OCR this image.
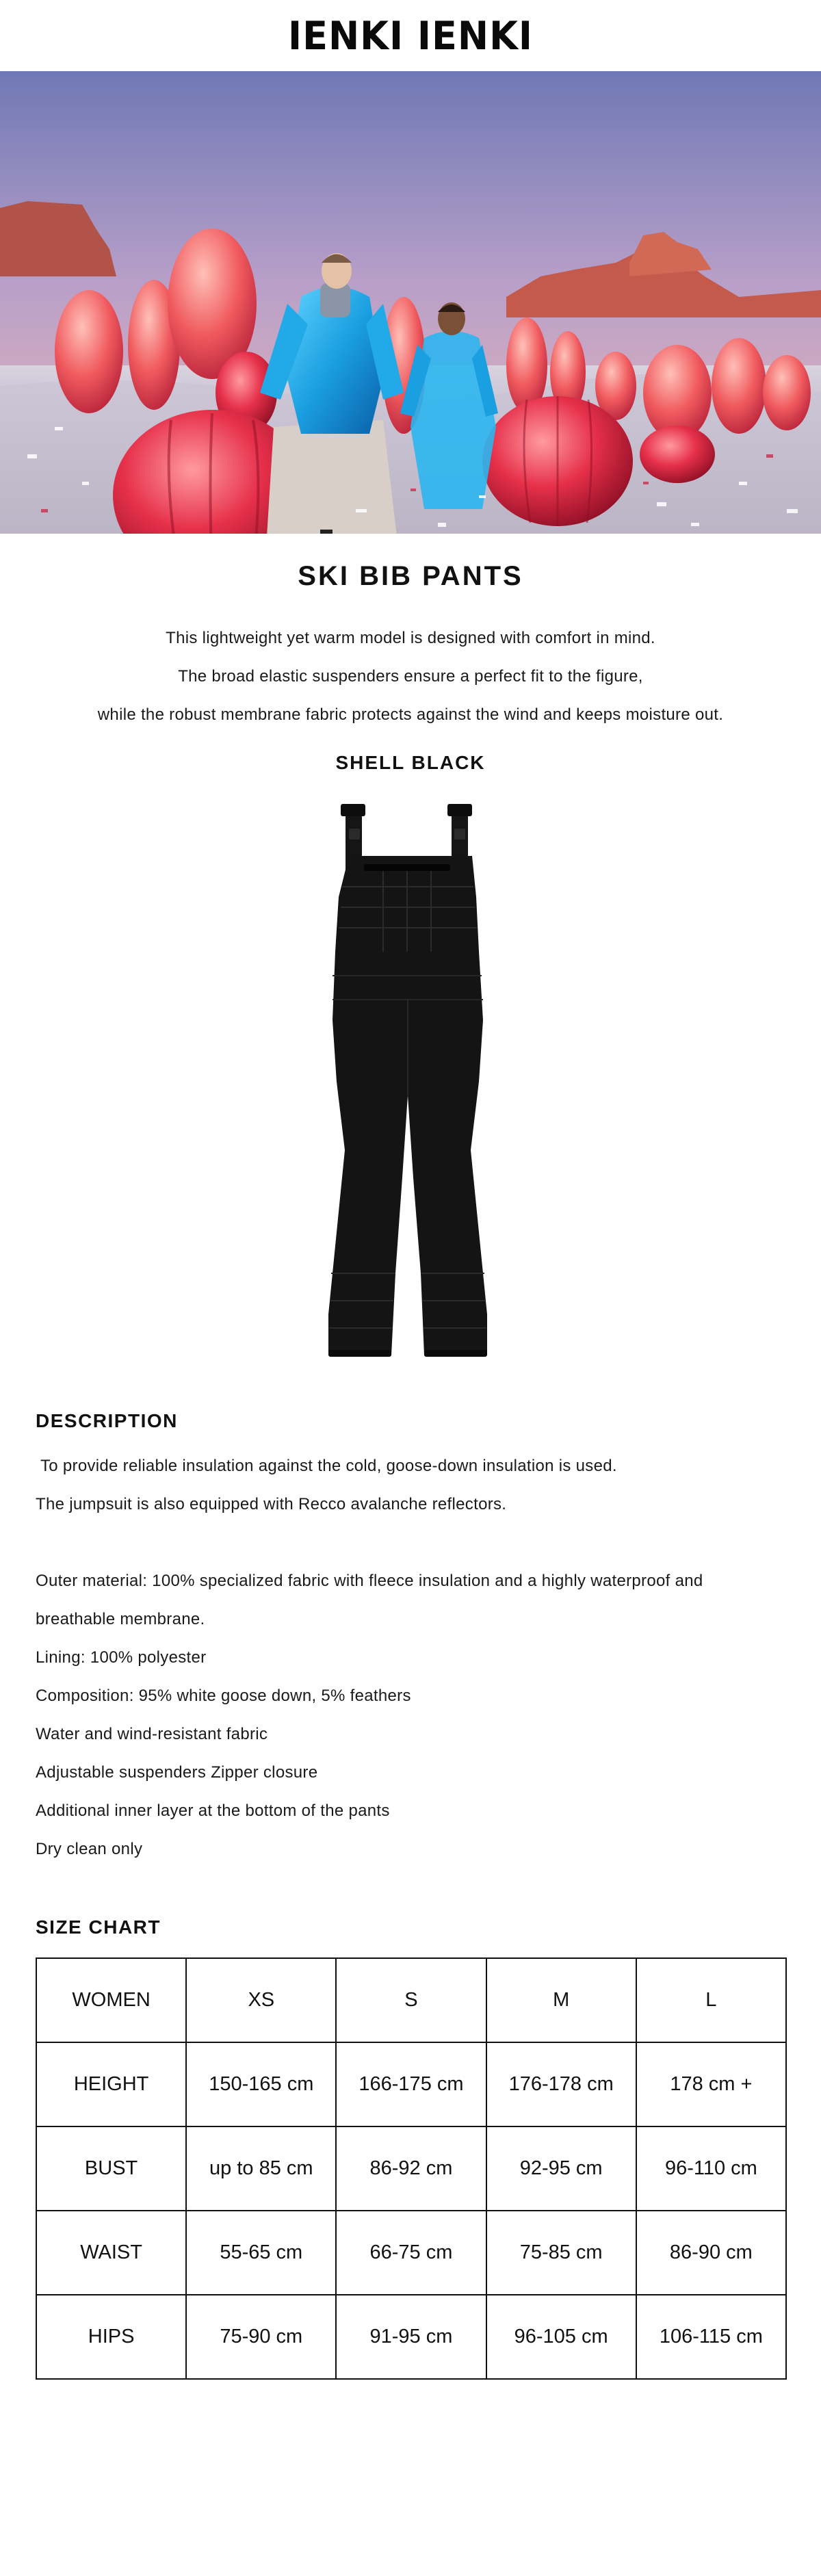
IENKI IENKI
SKI BIB PANTS

This lightweight yet warm model is designed with comfort in mind.

The broad elastic suspenders ensure a perfect fit to the figure,

while the robust membrane fabric protects against the wind and keeps moisture out.

SHELL BLACK
DESCRIPTION

To provide reliable insulation against the cold, goose-down insulation is used.

The jumpsuit is also equipped with Recco avalanche reflectors.

Outer material: 100% specialized fabric with fleece insulation and a highly waterproof and

breathable membrane.

Lining: 100% polyester

Composition: 95% white goose down, 5% feathers

Water and wind-resistant fabric

Adjustable suspenders Zipper closure

Additional inner layer at the bottom of the pants

Dry clean only

SIZE CHART
WOMEN	XS	S	M	L
HEIGHT	150-165 cm	166-175 cm	176-178 cm	178 cm +
BUST	up to 85 cm	86-92 cm	92-95 cm	96-110 cm
WAIST	55-65 cm	66-75 cm	75-85 cm	86-90 cm
HIPS	75-90 cm	91-95 cm	96-105 cm	106-115 cm
